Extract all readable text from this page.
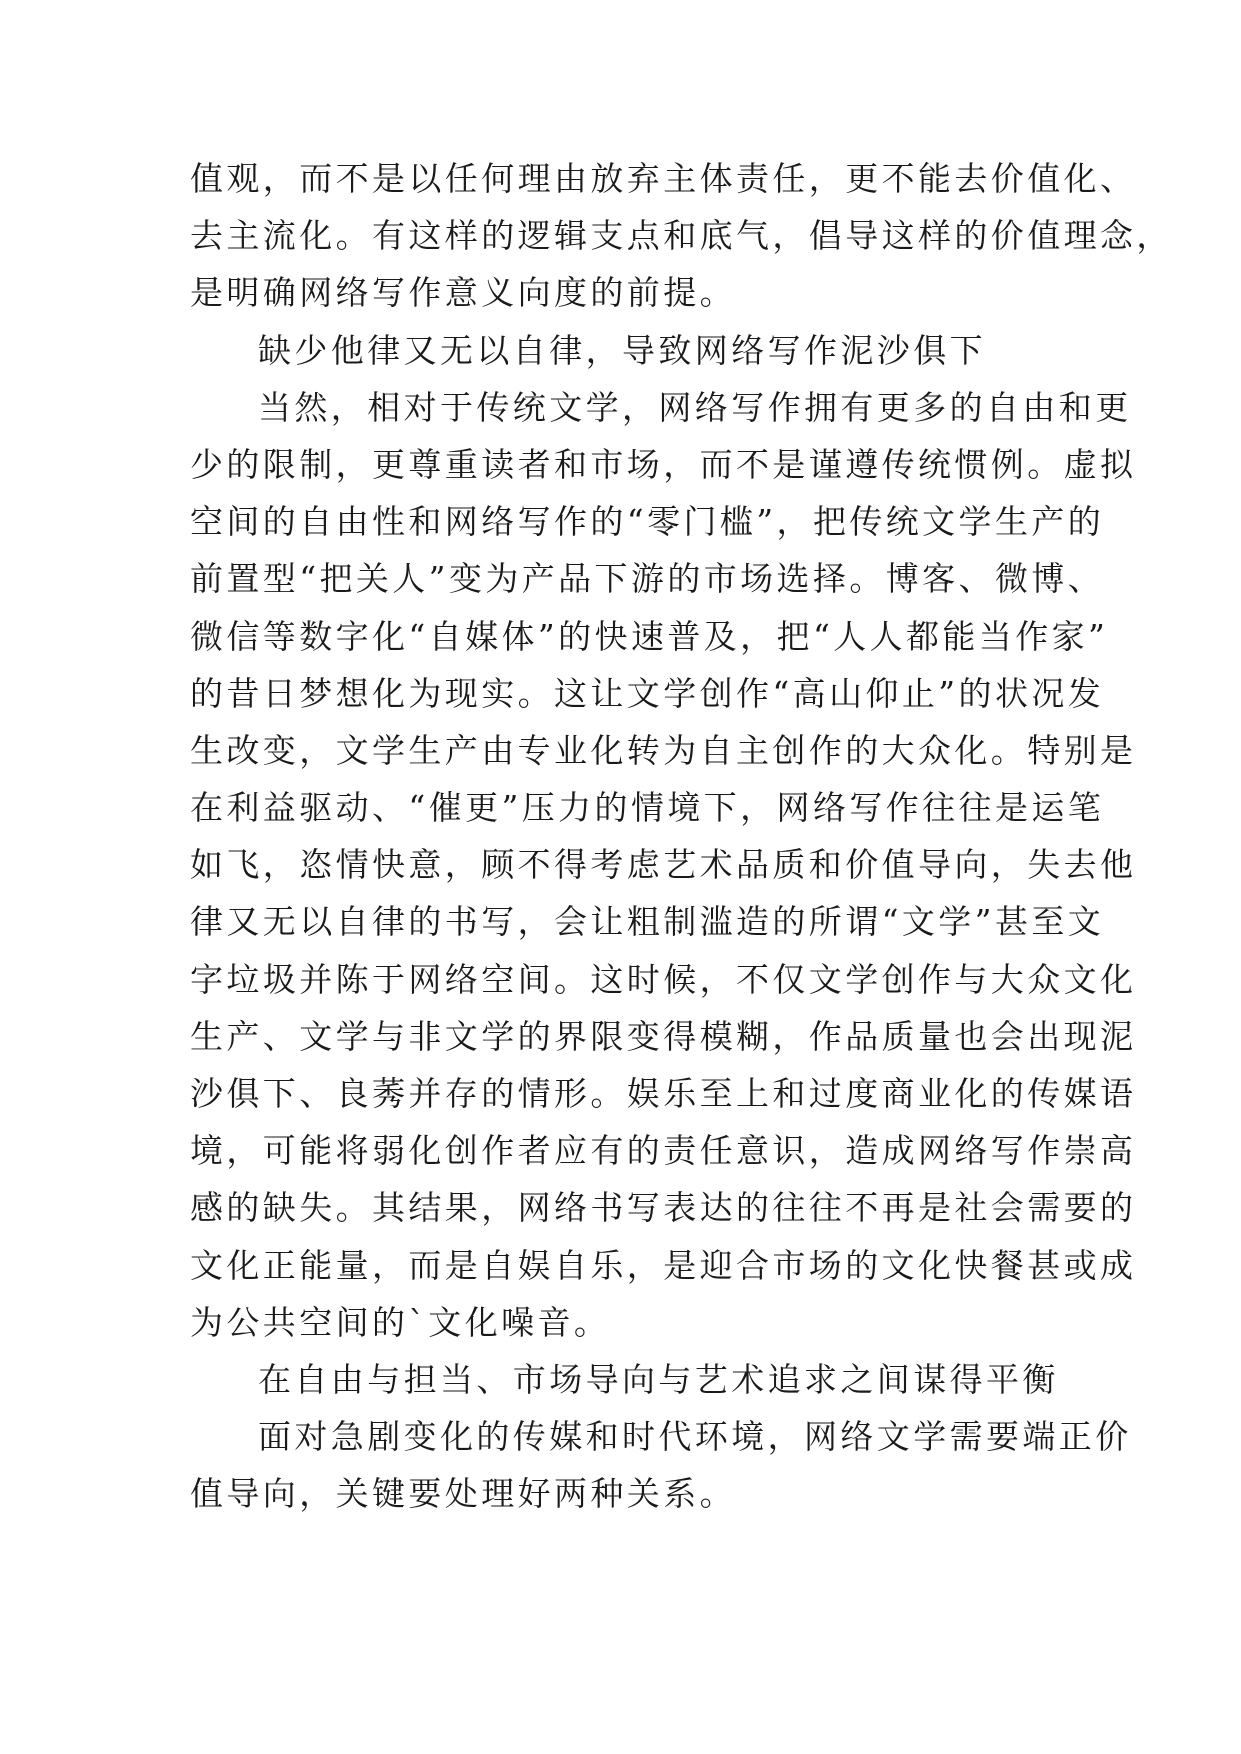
值观，而不是以任何理由放弃主体责任，更不能去价值化、
去主流化。有这样的逻辑支点和底气，倡导这样的价值理念，
是明确网络写作意义向度的前提。
缺少他律又无以自律，导致网络写作泥沙俱下
当然，相对于传统文学，网络写作拥有更多的自由和更
少的限制，更尊重读者和市场，而不是谨遵传统惯例。虚拟
空间的自由性和网络写作的“零门槛”，把传统文学生产的
前置型“把关人”变为产品下游的市场选择。博客、微博、
微信等数字化“自媒体”的快速普及，把“人人都能当作家”
的昔日梦想化为现实。这让文学创作“高山仰止”的状况发
生改变，文学生产由专业化转为自主创作的大众化。特别是
在利益驱动、“催更”压力的情境下，网络写作往往是运笔
如飞，恣情快意，顾不得考虑艺术品质和价值导向，失去他
律又无以自律的书写，会让粗制滥造的所谓“文学”甚至文
字垃圾并陈于网络空间。这时候，不仅文学创作与大众文化
生产、文学与非文学的界限变得模糊，作品质量也会出现泥
沙俱下、良莠并存的情形。娱乐至上和过度商业化的传媒语
境，可能将弱化创作者应有的责任意识，造成网络写作崇高
感的缺失。其结果，网络书写表达的往往不再是社会需要的
文化正能量，而是自娱自乐，是迎合市场的文化快餐甚或成
为公共空间的`文化噪音。
在自由与担当、市场导向与艺术追求之间谋得平衡
面对急剧变化的传媒和时代环境，网络文学需要端正价
值导向，关键要处理好两种关系。
